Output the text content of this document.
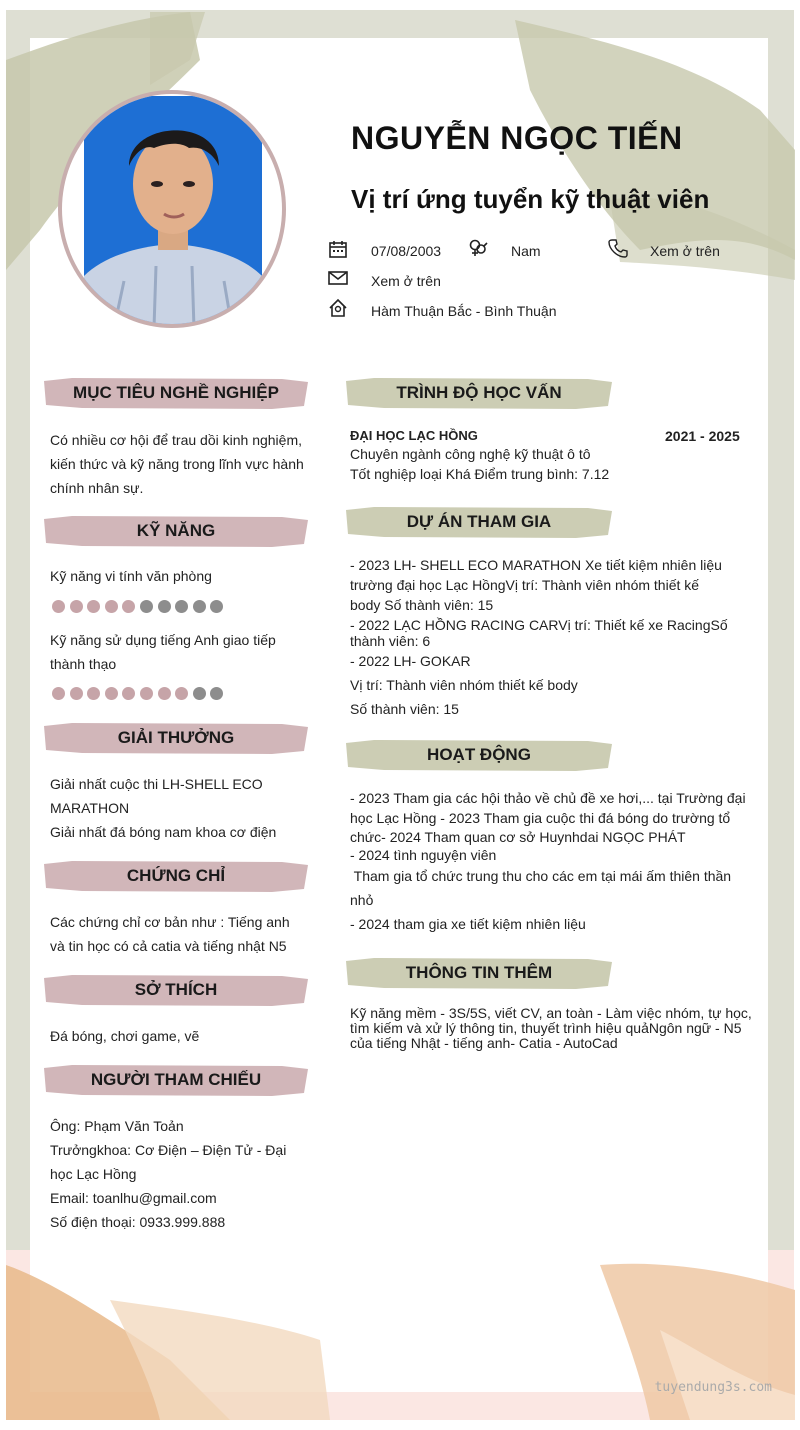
NGUYỄN NGỌC TIẾN
Vị trí ứng tuyển kỹ thuật viên
07/08/2003	Nam	Xem ở trên
Xem ở trên
Hàm Thuận Bắc - Bình Thuận
MỤC TIÊU NGHỀ NGHIỆP
Có nhiều cơ hội để trau dồi kinh nghiệm,
kiến thức và kỹ năng trong lĩnh vực hành
chính nhân sự.
KỸ NĂNG
Kỹ năng vi tính văn phòng
Kỹ năng sử dụng tiếng Anh giao tiếp
thành thạo
GIẢI THƯỞNG
Giải nhất cuộc thi LH-SHELL ECO
MARATHON
Giải nhất đá bóng nam khoa cơ điện
CHỨNG CHỈ
Các chứng chỉ cơ bản như : Tiếng anh
và tin học có cả catia và tiếng nhật N5
SỞ THÍCH
Đá bóng, chơi game, vẽ
NGƯỜI THAM CHIẾU
Ông: Phạm Văn Toản
Trưởngkhoa: Cơ Điện – Điện Tử - Đại
học Lạc Hồng
Email: toanlhu@gmail.com
Số điện thoại: 0933.999.888
TRÌNH ĐỘ HỌC VẤN
ĐẠI HỌC LẠC HỒNG	2021 - 2025
Chuyên ngành công nghệ kỹ thuật ô tô
Tốt nghiệp loại Khá Điểm trung bình: 7.12
DỰ ÁN THAM GIA
- 2023 LH- SHELL ECO MARATHON Xe tiết kiệm nhiên liệu
trường đại học Lạc HồngVị trí: Thành viên nhóm thiết kế
body Số thành viên: 15
- 2022 LẠC HỒNG RACING CARVị trí: Thiết kế xe RacingSố
thành viên: 6
- 2022 LH- GOKAR
Vị trí: Thành viên nhóm thiết kế body
Số thành viên: 15
HOẠT ĐỘNG
- 2023 Tham gia các hội thảo về chủ đề xe hơi,... tại Trường đại
học Lạc Hồng - 2023 Tham gia cuộc thi đá bóng do trường tổ
chức- 2024 Tham quan cơ sở Huynhdai NGỌC PHÁT
- 2024 tình nguyện viên
Tham gia tổ chức trung thu cho các em tại mái ấm thiên thần
nhỏ
- 2024 tham gia xe tiết kiệm nhiên liệu
THÔNG TIN THÊM
Kỹ năng mềm - 3S/5S, viết CV, an toàn - Làm việc nhóm, tự học,
tìm kiếm và xử lý thông tin, thuyết trình hiệu quảNgôn ngữ - N5
của tiếng Nhật - tiếng anh- Catia - AutoCad
tuyendung3s.com
